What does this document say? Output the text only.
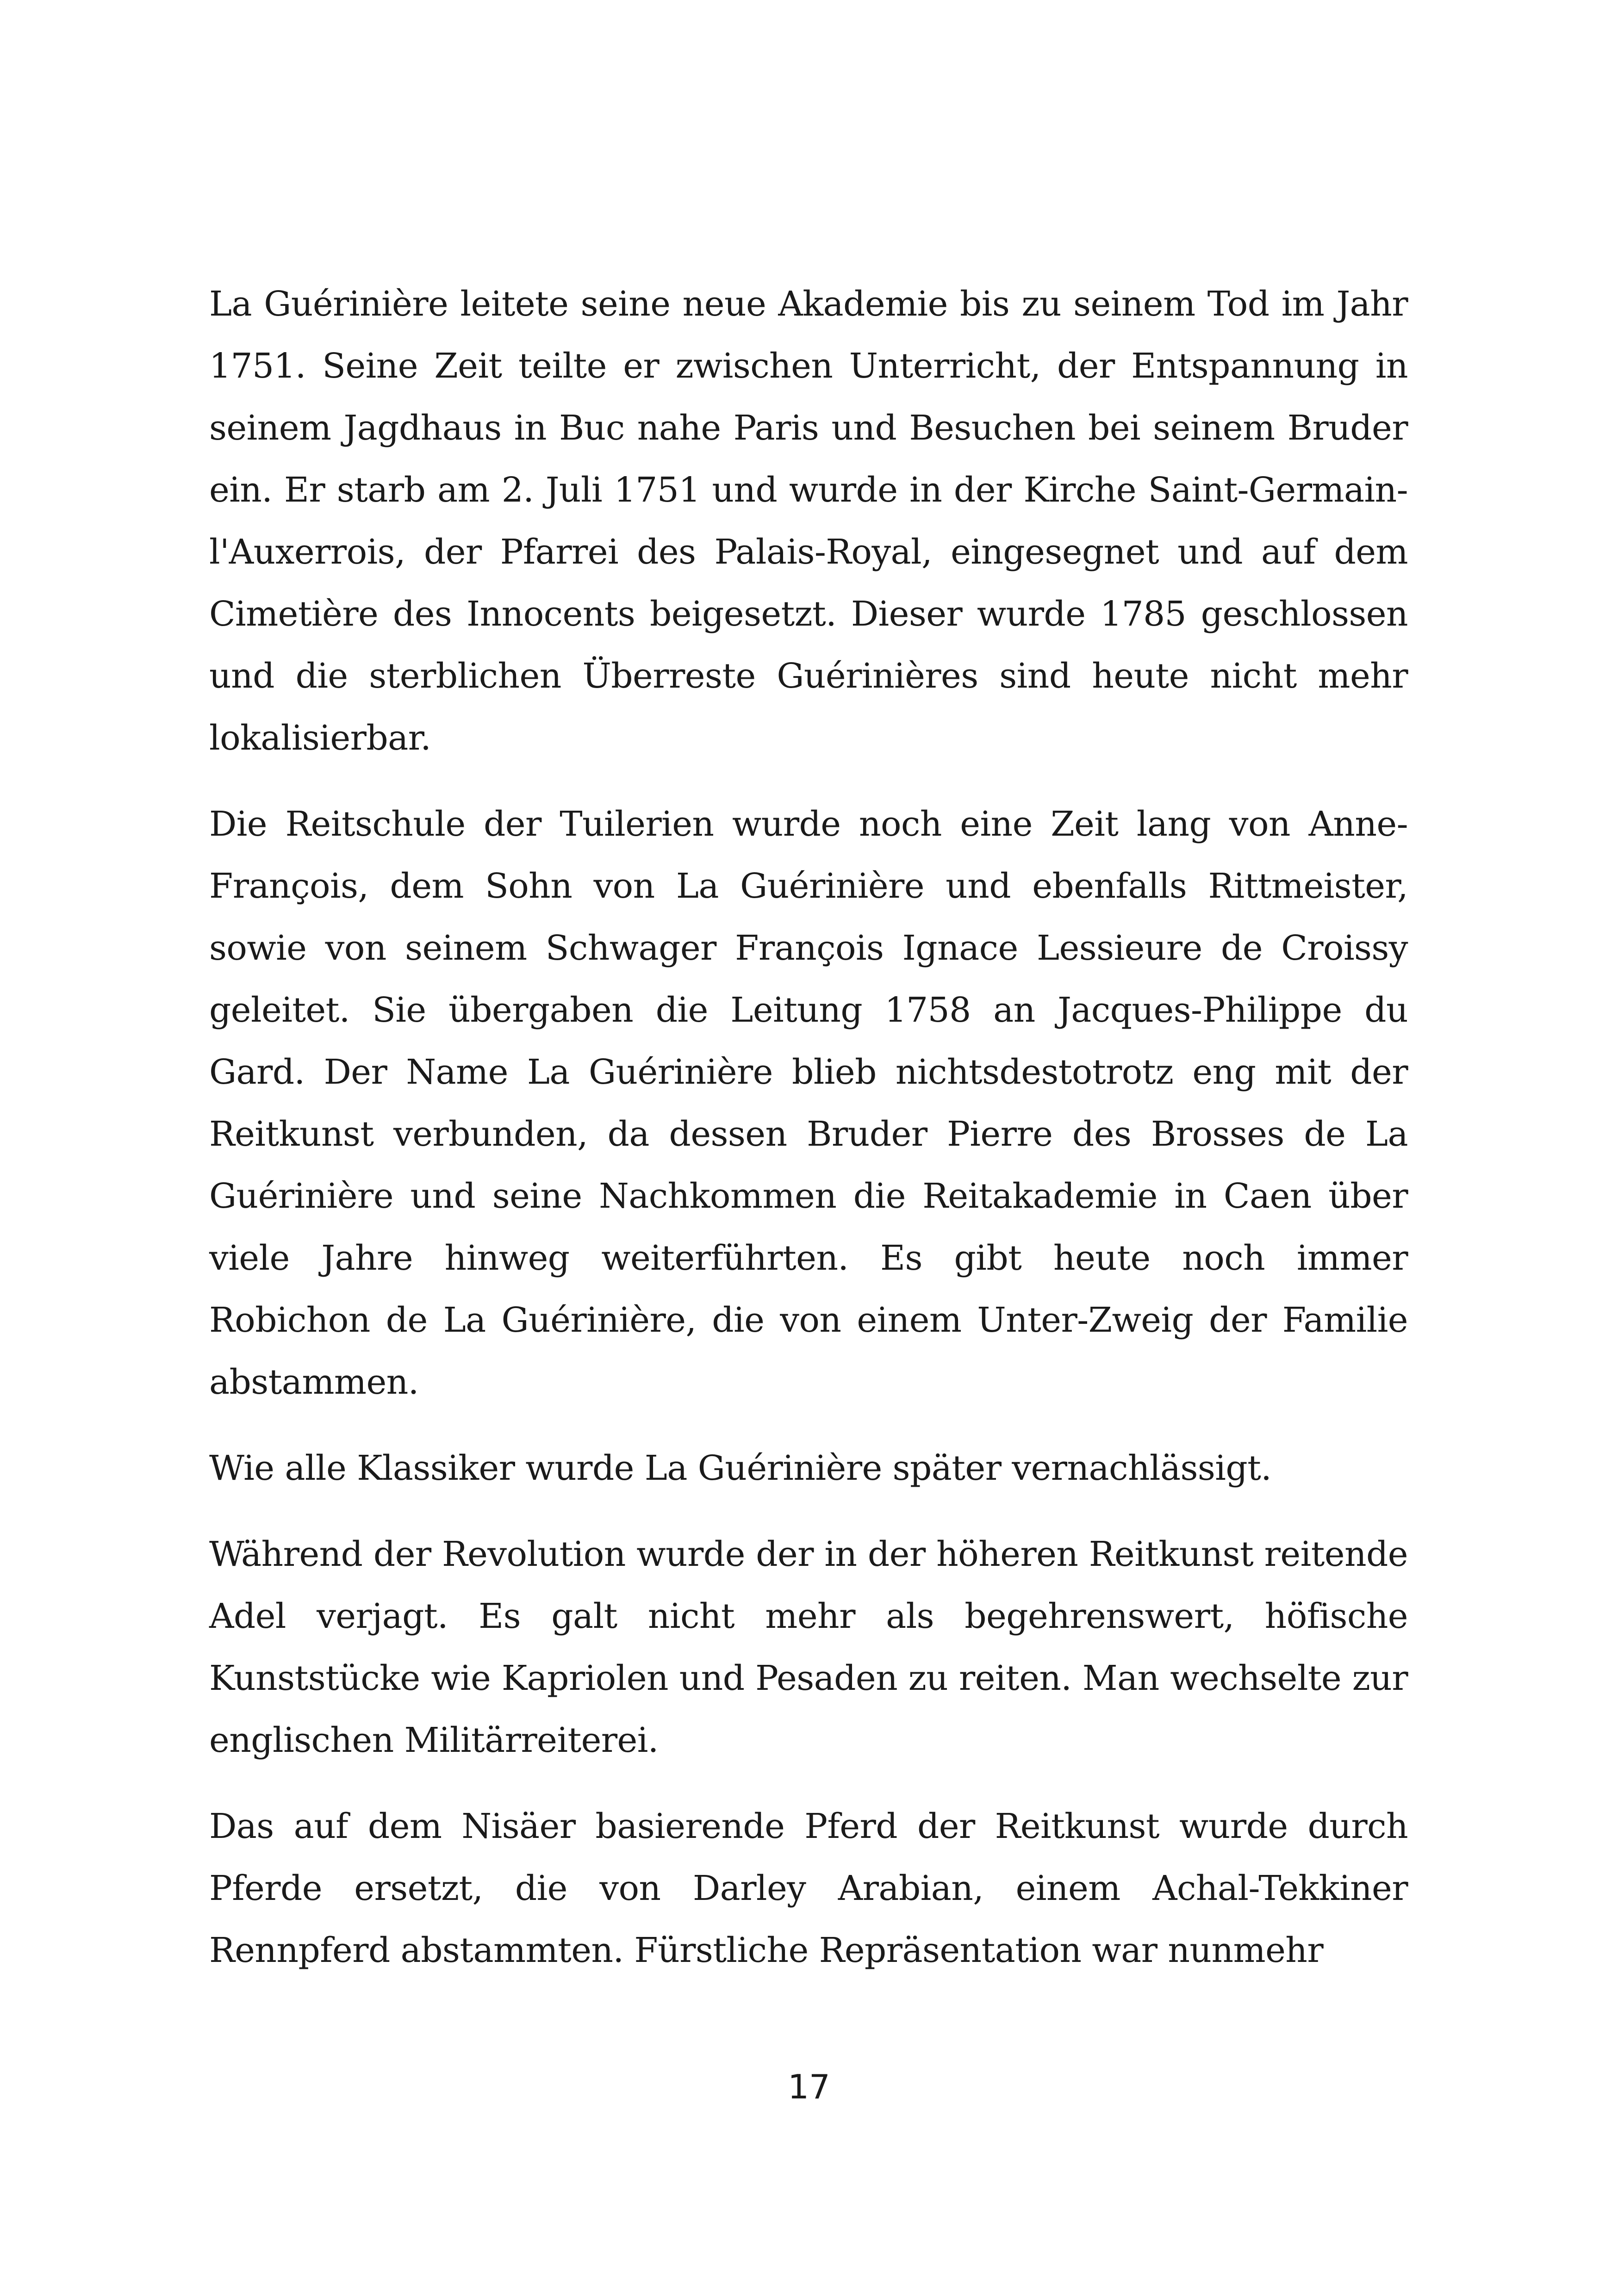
La Guérinière leitete seine neue Akademie bis zu seinem Tod im Jahr 1751. Seine Zeit teilte er zwischen Unterricht, der Entspannung in seinem Jagdhaus in Buc nahe Paris und Besuchen bei seinem Bruder ein. Er starb am 2. Juli 1751 und wurde in der Kirche Saint-Germain-l'Auxerrois, der Pfarrei des Palais-Royal, eingesegnet und auf dem Cimetière des Innocents beigesetzt. Dieser wurde 1785 geschlossen und die sterblichen Überreste Guérinières sind heute nicht mehr lokalisierbar.

Die Reitschule der Tuilerien wurde noch eine Zeit lang von Anne-François, dem Sohn von La Guérinière und ebenfalls Rittmeister, sowie von seinem Schwager François Ignace Lessieure de Croissy geleitet. Sie übergaben die Leitung 1758 an Jacques-Philippe du Gard. Der Name La Guérinière blieb nichtsdestotrotz eng mit der Reitkunst verbunden, da dessen Bruder Pierre des Brosses de La Guérinière und seine Nachkommen die Reitakademie in Caen über viele Jahre hinweg weiterführten. Es gibt heute noch immer Robichon de La Guérinière, die von einem Unter-Zweig der Familie abstammen.

Wie alle Klassiker wurde La Guérinière später vernachlässigt.

Während der Revolution wurde der in der höheren Reitkunst reitende Adel verjagt. Es galt nicht mehr als begehrenswert, höfische Kunststücke wie Kapriolen und Pesaden zu reiten. Man wechselte zur englischen Militärreiterei.

Das auf dem Nisäer basierende Pferd der Reitkunst wurde durch Pferde ersetzt, die von Darley Arabian, einem Achal-Tekkiner Rennpferd abstammten. Fürstliche Repräsentation war nunmehr

17
